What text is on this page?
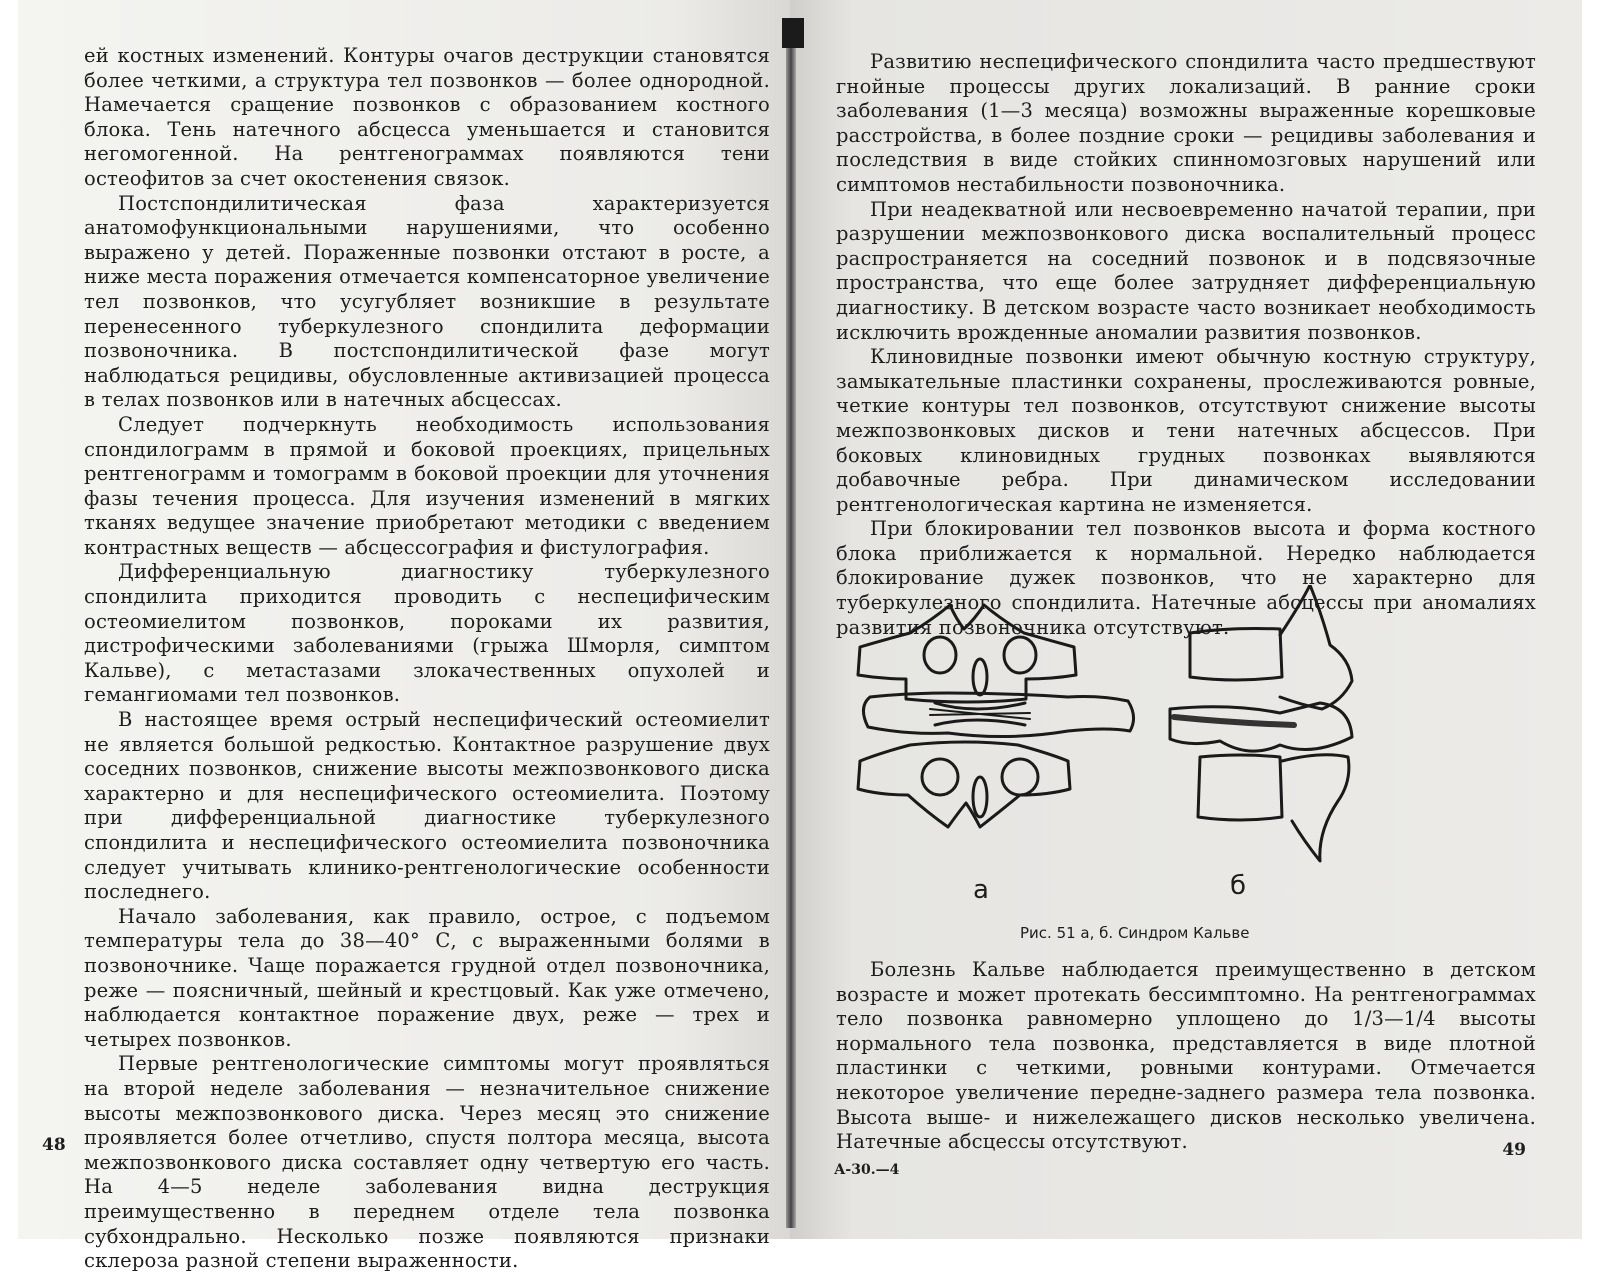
ей костных изменений. Контуры очагов деструкции становятся более четкими, а структура тел позвонков — более однородной. Намечается сращение позвонков с образованием костного блока. Тень натечного абсцесса уменьшается и становится негомогенной. На рентгенограммах появляются тени остеофитов за счет окостенения связок.

Постспондилитическая фаза характеризуется анатомофункциональными нарушениями, что особенно выражено у детей. Пораженные позвонки отстают в росте, а ниже места поражения отмечается компенсаторное увеличение тел позвонков, что усугубляет возникшие в результате перенесенного туберкулезного спондилита деформации позвоночника. В постспондилитической фазе могут наблюдаться рецидивы, обусловленные активизацией процесса в телах позвонков или в натечных абсцессах.

Следует подчеркнуть необходимость использования спондилограмм в прямой и боковой проекциях, прицельных рентгенограмм и томограмм в боковой проекции для уточнения фазы течения процесса. Для изучения изменений в мягких тканях ведущее значение приобретают методики с введением контрастных веществ — абсцессография и фистулография.

Дифференциальную диагностику туберкулезного спондилита приходится проводить с неспецифическим остеомиелитом позвонков, пороками их развития, дистрофическими заболеваниями (грыжа Шморля, симптом Кальве), с метастазами злокачественных опухолей и гемангиомами тел позвонков.

В настоящее время острый неспецифический остеомиелит не является большой редкостью. Контактное разрушение двух соседних позвонков, снижение высоты межпозвонкового диска характерно и для неспецифического остеомиелита. Поэтому при дифференциальной диагностике туберкулезного спондилита и неспецифического остеомиелита позвоночника следует учитывать клинико-рентгенологические особенности последнего.

Начало заболевания, как правило, острое, с подъемом температуры тела до 38—40° С, с выраженными болями в позвоночнике. Чаще поражается грудной отдел позвоночника, реже — поясничный, шейный и крестцовый. Как уже отмечено, наблюдается контактное поражение двух, реже — трех и четырех позвонков.

Первые рентгенологические симптомы могут проявляться на второй неделе заболевания — незначительное снижение высоты межпозвонкового диска. Через месяц это снижение проявляется более отчетливо, спустя полтора месяца, высота межпозвонкового диска составляет одну четвертую его часть. На 4—5 неделе заболевания видна деструкция преимущественно в переднем отделе тела позвонка субхондрально. Несколько позже появляются признаки склероза разной степени выраженности.

48

Развитию неспецифического спондилита часто предшествуют гнойные процессы других локализаций. В ранние сроки заболевания (1—3 месяца) возможны выраженные корешковые расстройства, в более поздние сроки — рецидивы заболевания и последствия в виде стойких спинномозговых нарушений или симптомов нестабильности позвоночника.

При неадекватной или несвоевременно начатой терапии, при разрушении межпозвонкового диска воспалительный процесс распространяется на соседний позвонок и в подсвязочные пространства, что еще более затрудняет дифференциальную диагностику. В детском возрасте часто возникает необходимость исключить врожденные аномалии развития позвонков.

Клиновидные позвонки имеют обычную костную структуру, замыкательные пластинки сохранены, прослеживаются ровные, четкие контуры тел позвонков, отсутствуют снижение высоты межпозвонковых дисков и тени натечных абсцессов. При боковых клиновидных грудных позвонках выявляются добавочные ребра. При динамическом исследовании рентгенологическая картина не изменяется.

При блокировании тел позвонков высота и форма костного блока приближается к нормальной. Нередко наблюдается блокирование дужек позвонков, что не характерно для туберкулезного спондилита. Натечные абсцессы при аномалиях развития позвоночника отсутствуют.

а	б
Рис. 51 а, б. Синдром Кальве

Болезнь Кальве наблюдается преимущественно в детском возрасте и может протекать бессимптомно. На рентгенограммах тело позвонка равномерно уплощено до 1/3—1/4 высоты нормального тела позвонка, представляется в виде плотной пластинки с четкими, ровными контурами. Отмечается некоторое увеличение передне-заднего размера тела позвонка. Высота выше- и нижележащего дисков несколько увеличена. Натечные абсцессы отсутствуют.

А-30.—4
49
